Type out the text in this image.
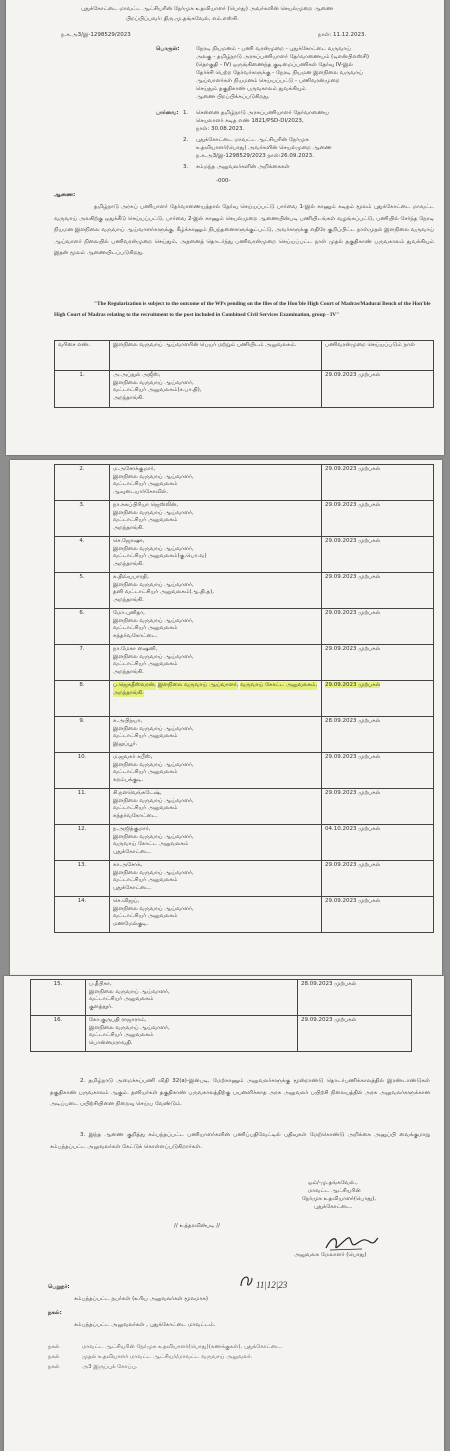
புதுக்கோட்டை மாவட்ட ஆட்சியரின் நேர்முக உதவியாளர் (பொது) அவர்களின் செயல்முறை ஆணை
பிறப்பிப்பவர்: திரு.மு.தங்கவேல், எம்.எஸ்சி.
ந.க.அ3/இ-1298529/2023	நாள்: 11.12.2023.
பொருள்:	நேரடி நியமனம் - பணி வரன்முறை - புதுக்கோட்டை வருவாய்
அலகு - தமிழ்நாடு அரசுப்பணியாளர் தேர்வாணையம் (டிஎன்பிஎஸ்சி)
(தொகுதி - IV) ஒருங்கிணைந்த குடிமைப்பணிகள் தேர்வு IV-இல்
தேர்ச்சி பெற்ற தேர்வர்களுக்கு - நேரடி நியமன இளநிலை வருவாய்
ஆய்வாளர்கள் நியமனம் செய்யப்பட்டு - பணிவரன்முறை
செய்தும் தகுதிகாண் பருவகாலம் துவக்கியும்
ஆணை பிறப்பிக்கப்படுகிறது.
பார்வை: 1. சென்னை தமிழ்நாடு அரசுப்பணியாளர் தேர்வாணைய
செயலாளர் கடித எண் 1821/PSD-DI/2023,
நாள்: 30.08.2023.
2. புதுக்கோட்டை மாவட்ட ஆட்சியரின் நேர்முக
உதவியாளர்(பொது) அவர்களின் செயல்முறை ஆணை
ந.க.அ3/இ-1298529/2023 நாள்:26.09.2023.
3. சம்மந்த அலுவலர்களின் அறிக்கைகள்
-000-
ஆணை:
தமிழ்நாடு அரசுப் பணியாளர் தேர்வாணையத்தால் தேர்வு செய்யப்பட்டு பார்வை 1-இல் காணும் கடிதம் மூலம் புதுக்கோட்டை மாவட்ட வருவாய் அலகிற்கு ஒதுக்கீடு செய்யப்பட்டு, பார்வை 2-இல் காணும் செயல்முறை ஆணையின்படி பணியிடங்கள் வழங்கப்பட்டு, பணியில் சேர்ந்த நேரடி நியமன இளநிலை வருவாய் ஆய்வாளர்களுக்கு, கீழ்க்காணும் நிபந்தனைகளுக்குட்பட்டு, அவர்களுக்கு எதிரே குறிப்பிட்ட நாள்முதல் இளநிலை வருவாய் ஆய்வாளர் நிலையில் பணிவரன்முறை செய்தும், அதனைத் தொடர்ந்து பணிவரன்முறை செய்யப்பட்ட நாள் முதல் தகுதிகாண் பருவகாலம் துவக்கியும் இதன் மூலம் ஆணையிடப்படுகிறது.
"The Regularization is subject to the outcome of the WPs pending on the files of the Hon'ble High Court of Madras/Madurai Bench of the Hon'ble High Court of Madras relating to the recruitment to the post included in Combined Civil Services Examination, group - IV"
வரிசை எண்.	இளநிலை வருவாய் ஆய்வாளரின் பெயர் மற்றும் பணியிடம் அலுவலகம்.	பணிவரன்முறை செய்யப்படும் நாள்
1.	அ.அப்துல் அஜீஸ்,
இளநிலை வருவாய் ஆய்வாளர்,
வட்டாட்சியர் அலுவலகம்(ச.பா.தி),
அறந்தாங்கி.	29.09.2023 முற்பகல்
2.	ம.அசோக்குமார்,
இளநிலை வருவாய் ஆய்வாளர்,
வட்டாட்சியர் அலுவலகம்
ஆவுடையார்கோவில்.	29.09.2023 முற்பகல்
3.	நா.சுகப்பிரியா ஜெஸ்லின்,
இளநிலை வருவாய் ஆய்வாளர்,
வட்டாட்சியர் அலுவலகம்
அறந்தாங்கி.	29.09.2023 முற்பகல்
4.	செ.ஜோஷு,
இளநிலை வருவாய் ஆய்வாளர்,
வட்டாட்சியர் அலுவலகம்(கு.பொ.வ)
அறந்தாங்கி.	29.09.2023 முற்பகல்
5.	க.திவ்யபாரதி,
இளநிலை வருவாய் ஆய்வாளர்,
தனி வட்டாட்சியர் அலுவலகம்(ஆ.தி.த),
அறந்தாங்கி.	29.09.2023 முற்பகல்
6.	மோ.புனிதா,
இளநிலை வருவாய் ஆய்வாளர்,
வட்டாட்சியர் அலுவலகம்
கந்தர்வகோட்டை.	29.09.2023 முற்பகல்
7.	நா.மேகா ஷைனி,
இளநிலை வருவாய் ஆய்வாளர்,
வட்டாட்சியர் அலுவலகம்
அறந்தாங்கி.	29.09.2023 முற்பகல்
8.	ப.ஜெகதீஸ்வரன், இளநிலை வருவாய் ஆய்வாளர், வருவாய் கோட்ட அலுவலகம், அறந்தாங்கி.	29.09.2023 முற்பகல்
9.	க.அபிநயா,
இளநிலை வருவாய் ஆய்வாளர்,
வட்டாட்சியர் அலுவலகம்
இலுப்பூர்.	28.09.2023 முற்பகல்
10.	ம.ஜவகர் கபீஸ்,
இளநிலை வருவாய் ஆய்வாளர்,
வட்டாட்சியர் அலுவலகம்
கறம்பக்குடி.	29.09.2023 முற்பகல்
11.	சி.நளவெங்கடேஷ்,
இளநிலை வருவாய் ஆய்வாளர்,
வட்டாட்சியர் அலுவலகம்
கந்தர்வகோட்டை.	29.09.2023 முற்பகல்
12.	ந.அஜித்குமார்,
இளநிலை வருவாய் ஆய்வாளர்,
வருவாய் கோட்ட அலுவலகம்
புதுக்கோட்டை.	04.10.2023 முற்பகல்
13.	கா.அசோக்,
இளநிலை வருவாய் ஆய்வாளர்,
வட்டாட்சியர் அலுவலகம்
புதுக்கோட்டை.	29.09.2023 முற்பகல்
14.	செ.விஜய்,
இளநிலை வருவாய் ஆய்வாளர்,
வட்டாட்சியர் அலுவலகம்
மணமேல்குடி.	29.09.2023 முற்பகல்
15.	ப.தீபிகா,
இளநிலை வருவாய் ஆய்வாளர்,
வட்டாட்சியர் அலுவலகம்
குளத்தூர்.	28.09.2023 முற்பகல்
16.	கோ.குருபதி ராஜாராம்,
இளநிலை வருவாய் ஆய்வாளர்,
வட்டாட்சியர் அலுவலகம்
பொன்னமராவதி.	29.09.2023 முற்பகல்
2. தமிழ்நாடு அமைச்சுப்பணி விதி 32(a)-இன்படி, மேற்காணும் அலுவலர்களுக்கு மூன்றாண்டு தொடர்பணிக்காலத்தில் இரண்டாண்டுகள் தகுதிகாண் பருவகாலம் ஆகும். தனியர்கள் தகுதிகாண் பருவகாலத்திற்கு பயனளிக்காத அரசு அலுவலர் பயிற்சி நிலையத்தில் அரசு அலுவலர்களுக்கான அடிப்படை பயிற்சியினை நிறைவு செய்ய வேண்டும்.
3. இந்த ஆணை குறித்து சம்பந்தப்பட்ட பணியாளர்களின் பணிப்பதிவேட்டில் பதிவுகள் மேற்கொண்டு அறிக்கை அனுப்பி வைக்குமாறு சம்பந்தப்பட்ட அலுவலர்கள் கேட்டுக் கொள்ளப்படுகிறார்கள்.
ஒம்/-மு.தங்கவேல்.,
மாவட்ட ஆட்சியரின்
நேர்முக உதவியாளர்(பொது),
புதுக்கோட்டை.
// உத்தரவின்படி //
அலுவலக மேலாளர் (பொது)
பெறுநர்:
சம்பந்தப்பட்ட நபர்கள் (உரிய அலுவலர்கள் மூலமாக)
11|12|23
நகல்:
சம்பந்தப்பட்ட அலுவலர்கள் , புதுக்கோட்டை மாவட்டம்.
நகல்	மாவட்ட ஆட்சியரின் நேர்முக உதவியாளர்(பொது)(கணக்குகள்), புதுக்கோட்டை.
நகல்	முதல் உதவியாளர் மாவட்ட ஆட்சியர்/மாவட்ட வருவாய் அலுவலர்.
நகல்	அ3 இருப்புக் கோப்பு.
